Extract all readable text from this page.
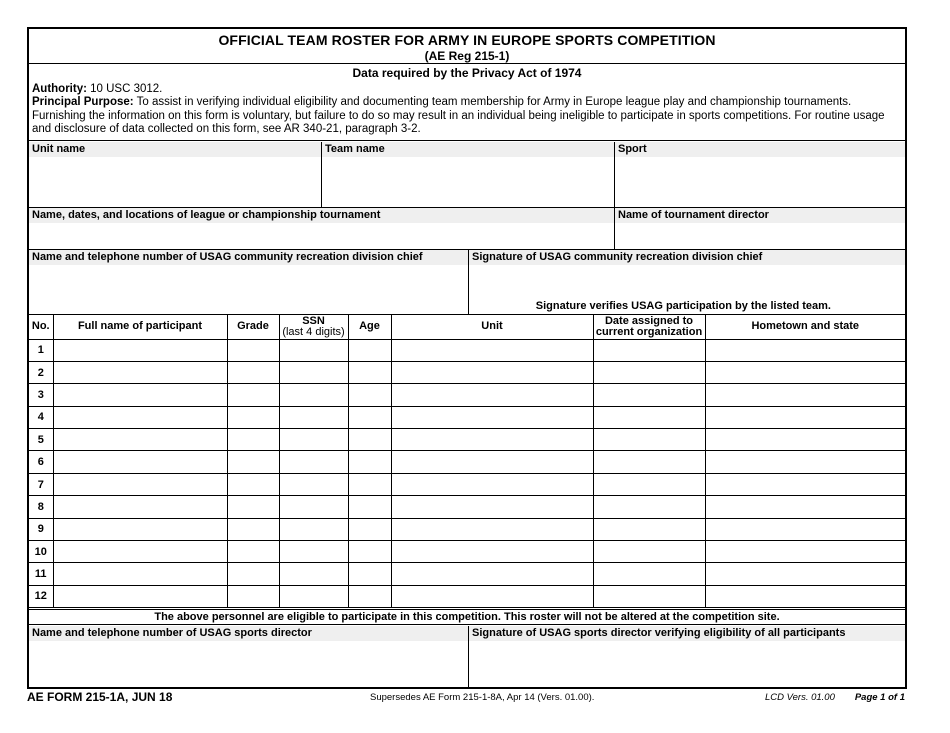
OFFICIAL TEAM ROSTER FOR ARMY IN EUROPE SPORTS COMPETITION
(AE Reg 215-1)
Data required by the Privacy Act of 1974
Authority: 10 USC 3012.
Principal Purpose: To assist in verifying individual eligibility and documenting team membership for Army in Europe league play and championship tournaments. Furnishing the information on this form is voluntary, but failure to do so may result in an individual being ineligible to participate in sports competitions. For routine usage and disclosure of data collected on this form, see AR 340-21, paragraph 3-2.
Unit name	Team name	Sport
Name, dates, and locations of league or championship tournament	Name of tournament director
Name and telephone number of USAG community recreation division chief	Signature of USAG community recreation division chief
Signature verifies USAG participation by the listed team.
No.	Full name of participant	Grade	SSN
(last 4 digits)	Age	Unit	Date assigned to
current organization	Hometown and state
1							
2							
3							
4							
5							
6							
7							
8							
9							
10							
11							
12							
The above personnel are eligible to participate in this competition. This roster will not be altered at the competition site.
Name and telephone number of USAG sports director	Signature of USAG sports director verifying eligibility of all participants
AE FORM 215-1A, JUN 18	Supersedes AE Form 215-1-8A, Apr 14 (Vers. 01.00).	LCD Vers. 01.00 Page 1 of 1
